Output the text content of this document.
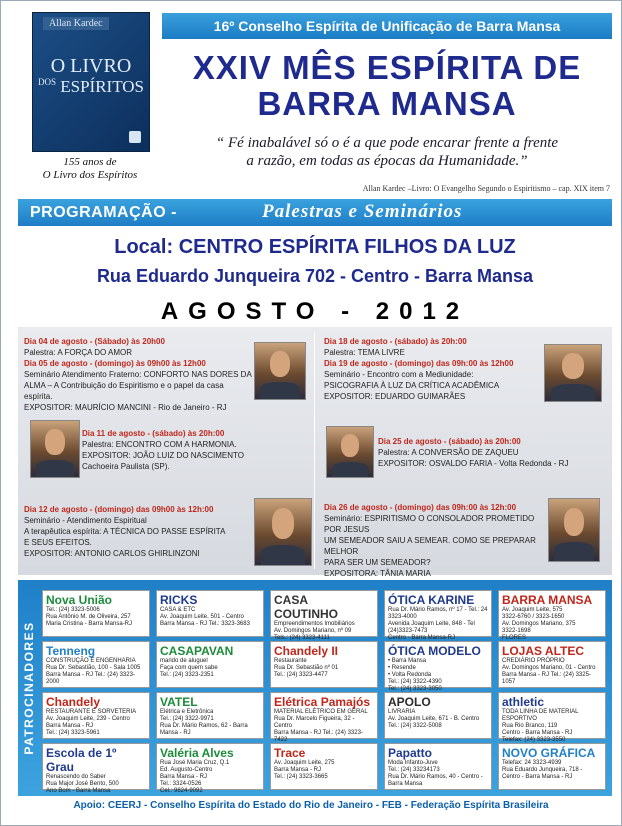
Allan Kardec
O LIVRO
$^{DOS}$ ESPÍRITOS
155 anos de
O Livro dos Espíritos
16º Conselho Espírita de Unificação de Barra Mansa
XXIV MÊS ESPÍRITA DE
BARRA MANSA
“ Fé inabalável só o é a que pode encarar frente a frente
a razão, em todas as épocas da Humanidade.”
Allan Kardec –Livro: O Evangelho Segundo o Espiritismo – cap. XIX item 7
PROGRAMAÇÃO -	Palestras e Seminários
Local: CENTRO ESPÍRITA FILHOS DA LUZ
Rua Eduardo Junqueira 702 - Centro - Barra Mansa
AGOSTO - 2012
Dia 04 de agosto - (Sábado) às 20h00
Palestra: A FORÇA DO AMOR
Dia 05 de agosto - (domingo) às 09h00 às 12h00
Seminário Atendimento Fraterno: CONFORTO NAS DORES DA
ALMA – A Contribuição do Espiritismo e o papel da casa espírita.
EXPOSITOR: MAURÍCIO MANCINI - Rio de Janeiro - RJ
Dia 11 de agosto - (sábado) às 20h:00
Palestra: ENCONTRO COM A HARMONIA.
EXPOSITOR: JOÃO LUIZ DO NASCIMENTO
Cachoeira Paulista (SP).
Dia 12 de agosto - (domingo) das 09h00 às 12h:00
Seminário - Atendimento Espiritual
A terapêutica espírita: A TÉCNICA DO PASSE ESPÍRITA
E SEUS EFEITOS.
EXPOSITOR: ANTONIO CARLOS GHIRLINZONI
Dia 18 de agosto - (sábado) às 20h:00
Palestra: TEMA LIVRE
Dia 19 de agosto - (domingo) das 09h:00 às 12h00
Seminário - Encontro com a Mediunidade:
PSICOGRAFIA À LUZ DA CRÍTICA ACADÊMICA
EXPOSITOR: EDUARDO GUIMARÃES
Dia 25 de agosto - (sábado) às 20h:00
Palestra: A CONVERSÃO DE ZAQUEU
EXPOSITOR: OSVALDO FARIA - Volta Redonda - RJ
Dia 26 de agosto - (domingo) das 09h:00 às 12h:00
Seminário: ESPIRITISMO O CONSOLADOR PROMETIDO POR JESUS
UM SEMEADOR SAIU A SEMEAR. COMO SE PREPARAR MELHOR
PARA SER UM SEMEADOR?
EXPOSITORA: TÂNIA MARIA
PATROCINADORES
Nova União
Tel.: (24) 3323-5006
Rua Antônio M. de Oliveira, 257
Maria Cristina - Barra Mansa-RJ
RICKS
CASA & ETC
Av. Joaquim Leite, 501 - Centro
Barra Mansa - RJ Tel.: 3323-3683
CASA COUTINHO
Empreendimentos Imobiliários
Av. Domingos Mariano, nº 09
Tels.: (24) 3323-4111
ÓTICA KARINE
Rua Dr. Mário Ramos, nº 17 - Tel.: 24 3323-4000
Avenida Joaquim Leite, 848 - Tel (24)3323-7473
Centro - Barra Mansa-RJ
BARRA MANSA
Av. Joaquim Leite, 575
3322-6760 / 3323-1650
Av. Domingos Mariano, 375
3322-1698
FLORES
Tenneng
CONSTRUÇÃO E ENGENHARIA
Rua Dr. Sebastião, 100 - Sala 1005
Barra Mansa - RJ Tel.: (24) 3323-2000
CASAPAVAN
marido de aluguel
Faça com quem sabe
Tel.: (24) 3323-2351
Chandely II
Restaurante
Rua Dr. Sebastião nº 01
Tel.: (24) 3323-4477
ÓTICA MODELO
• Barra Mansa
• Resende
• Volta Redonda
Tel.: (24) 3322-4390
Tel.: (24) 3323-3050
LOJAS ALTEC
CREDIÁRIO PRÓPRIO
Av. Domingos Mariano, 01 - Centro
Barra Mansa - RJ Tel.: (24) 3325-1057
Chandely
RESTAURANTE E SORVETERIA
Av. Joaquim Leite, 239 - Centro
Barra Mansa - RJ
Tel.: (24) 3323-5961
VATEL
Elétrica e Eletrônica
Tel.: (24) 3322-9971
Rua Dr. Mário Ramos, 62 - Barra Mansa - RJ
Elétrica Pamajós
MATERIAL ELÉTRICO EM GERAL
Rua Dr. Marcelo Figueira, 32 - Centro
Barra Mansa - RJ Tel.: (24) 3323-7422
APOLO
LIVRARIA
Av. Joaquim Leite, 671 - B. Centro
Tel.: (24) 3322-5008
athletic
TODA LINHA DE MATERIAL ESPORTIVO
Rua Rio Branco, 119
Centro - Barra Mansa - RJ
Telefax: (24) 3323-3550
Escola de 1º Grau
Renascendo do Saber
Rua Major José Bento, 500
Ano Bom - Barra Mansa
Valéria Alves
Rua José Maria Cruz, Q.1
Ed. Augusto-Centro
Barra Mansa - RJ
Tel.: 3324-0526
Cel.: 9824-9092
Trace
Av. Joaquim Leite, 275
Barra Mansa - RJ
Tel.: (24) 3323-3665
Papatto
Moda Infanto-Juve
Tel.: (24) 33234173
Rua Dr. Mário Ramos, 40 - Centro - Barra Mansa
NOVO GRÁFICA
Telefax: 24 3323-4939
Rua Eduardo Junqueira, 718 - Centro - Barra Mansa - RJ
Apoio: CEERJ - Conselho Espírita do Estado do Rio de Janeiro - FEB - Federação Espírita Brasileira
